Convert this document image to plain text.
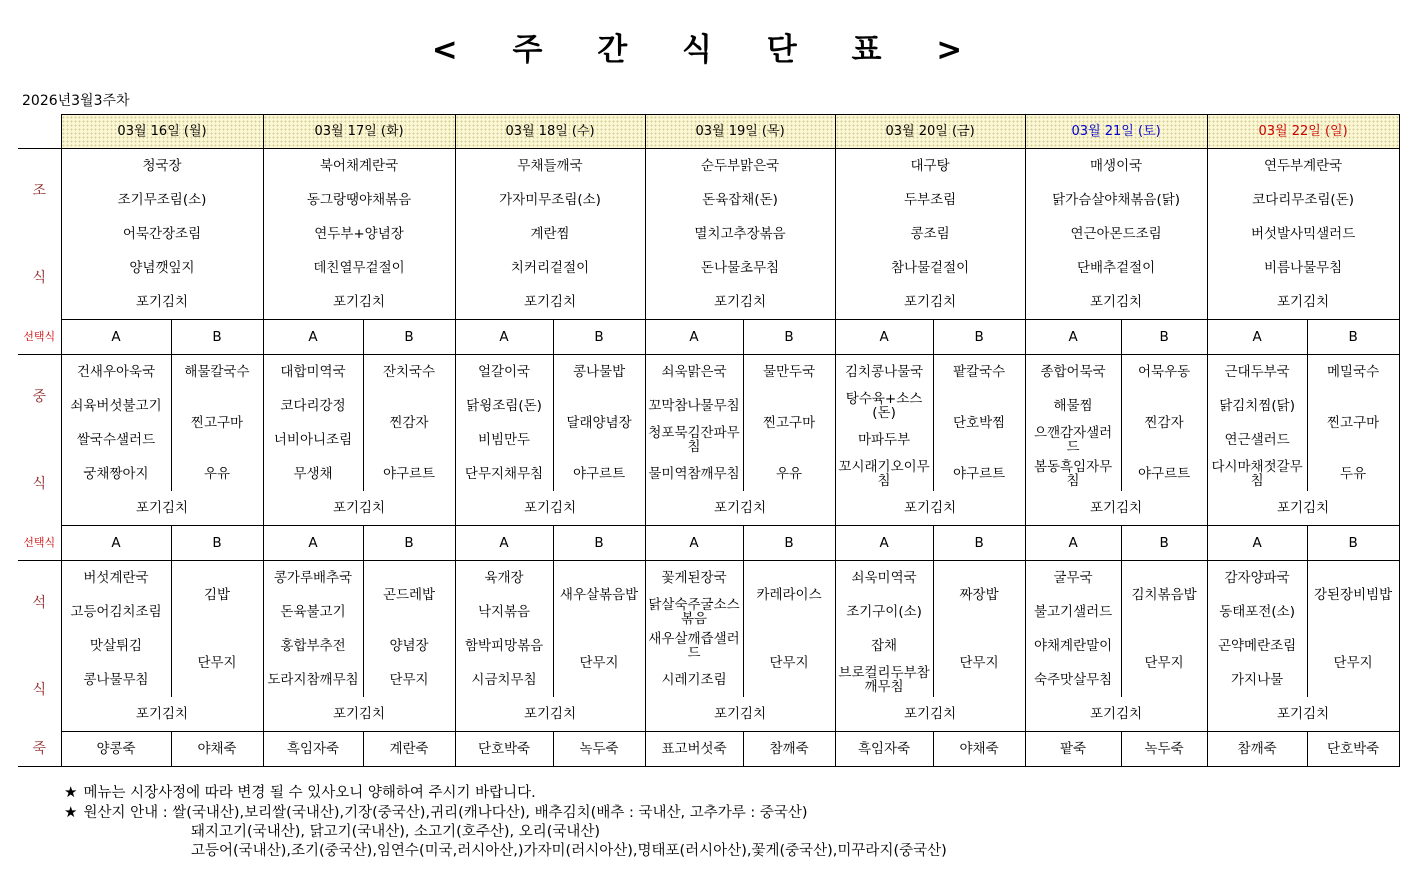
< 주 간 식 단 표 >
2026년3월3주차
	03월 16일 (월)		03월 17일 (화)		03월 18일 (수)		03월 19일 (목)		03월 20일 (금)		03월 21일 (토)		03월 22일 (일)	

조
식	청국장		북어채계란국		무채들깨국		순두부맑은국		대구탕		매생이국		연두부계란국	
	조기무조림(소)		동그랑땡야채볶음		가자미무조림(소)		돈육잡채(돈)		두부조림		닭가슴살야채볶음(닭)		코다리무조림(돈)	
	어묵간장조림		연두부+양념장		계란찜		멸치고추장볶음		콩조림		연근아몬드조림		버섯발사믹샐러드	
	양념깻잎지		데친열무겉절이		치커리겉절이		돈나물초무침		참나물겉절이		단배추겉절이		비름나물무침	
	포기김치		포기김치		포기김치		포기김치		포기김치		포기김치		포기김치	
선택식	A	B	A	B	A	B	A	B	A	B	A	B	A	B

중
식	건새우아욱국	해물칼국수	대합미역국	잔치국수	얼갈이국	콩나물밥	쇠욱맑은국	물만두국	김치콩나물국	팥칼국수	종합어묵국	어묵우동	근대두부국	메밀국수
	쇠육버섯불고기	찐고구마	코다리강정	찐감자	닭윙조림(돈)	달래양념장	꼬막참나물무침	찐고구마	탕수육+소스(돈)	단호박찜	해물찜	찐감자	닭김치찜(닭)	찐고구마
	쌀국수샐러드		너비아니조림		비빔만두		청포묵김잔파무침		마파두부		으깬감자샐러드		연근샐러드	
	궁채짱아지	우유	무생채	야구르트	단무지채무침	야구르트	물미역참깨무침	우유	꼬시래기오이무침	야구르트	봄동흑임자무침	야구르트	다시마채젓갈무침	두유
	포기김치		포기김치		포기김치		포기김치		포기김치		포기김치		포기김치	
선택식	A	B	A	B	A	B	A	B	A	B	A	B	A	B

석
식	버섯계란국	김밥	콩가루배추국	곤드레밥	육개장	새우살볶음밥	꽃게된장국	카레라이스	쇠욱미역국	짜장밥	굴무국	김치볶음밥	감자양파국	강된장비빔밥
	고등어김치조림		돈육불고기		낙지볶음		닭살숙주굴소스볶음		조기구이(소)		불고기샐러드		동태포전(소)	
	맛살튀김	단무지	홍합부추전	양념장	함박피망볶음	단무지	새우살깨즙샐러드	단무지	잡채	단무지	야채계란말이	단무지	곤약메란조림	단무지
	콩나물무침		도라지참깨무침	단무지	시금치무침		시레기조림		브로컬리두부참깨무침		숙주맛살무침		가지나물	
	포기김치		포기김치		포기김치		포기김치		포기김치		포기김치		포기김치	
죽	양콩죽	야채죽	흑임자죽	계란죽	단호박죽	녹두죽	표고버섯죽	참깨죽	흑임자죽	야채죽	팥죽	녹두죽	참깨죽	단호박죽
★ 메뉴는 시장사정에 따라 변경 될 수 있사오니 양해하여 주시기 바랍니다.
★ 원산지 안내 : 쌀(국내산),보리쌀(국내산),기장(중국산),귀리(캐나다산), 배추김치(배추 : 국내산, 고추가루 : 중국산)
돼지고기(국내산), 닭고기(국내산), 소고기(호주산), 오리(국내산)
고등어(국내산),조기(중국산),임연수(미국,러시아산,)가자미(러시아산),명태포(러시아산),꽃게(중국산),미꾸라지(중국산)
